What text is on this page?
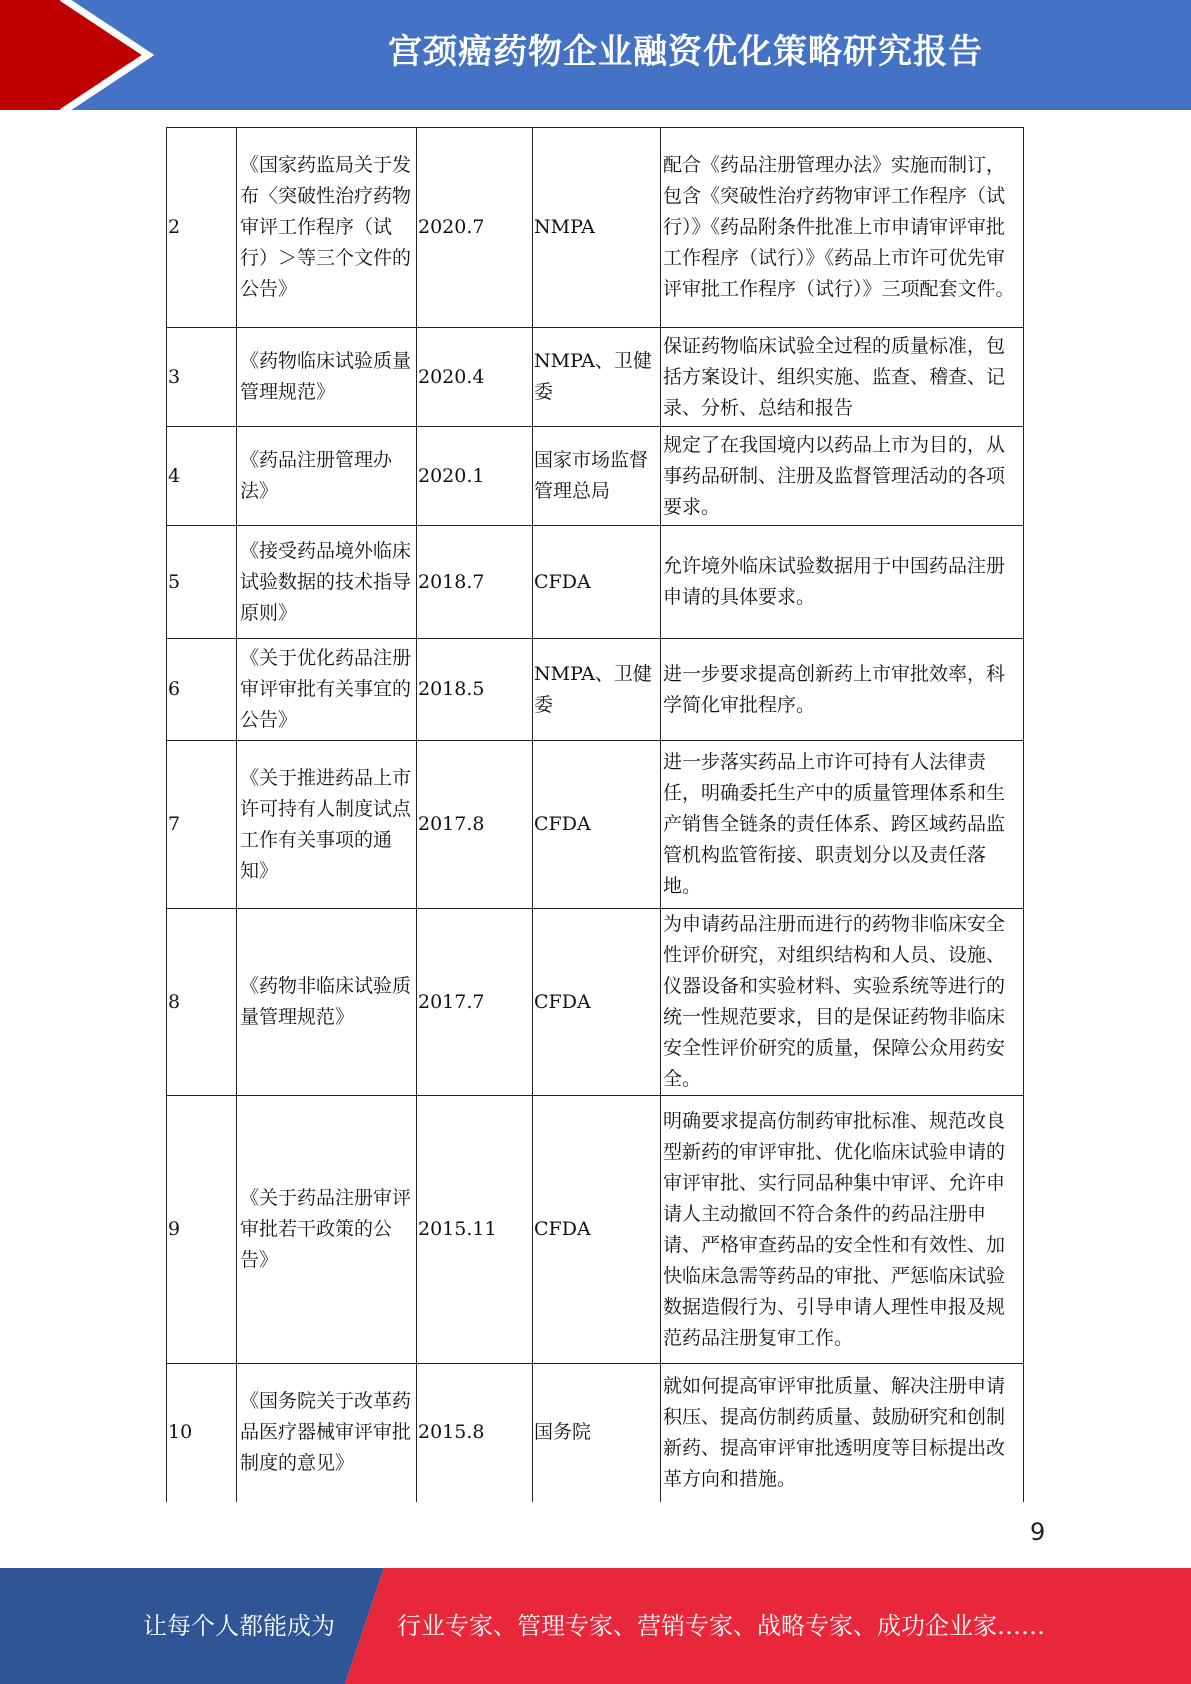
宫颈癌药物企业融资优化策略研究报告
2	《国家药监局关于发布〈突破性治疗药物审评工作程序（试行）＞等三个文件的公告》	2020.7	NMPA	配合《药品注册管理办法》实施而制订，包含《突破性治疗药物审评工作程序（试行）》《药品附条件批准上市申请审评审批工作程序（试行）》《药品上市许可优先审评审批工作程序（试行）》三项配套文件。
3	《药物临床试验质量管理规范》	2020.4	NMPA、卫健委	保证药物临床试验全过程的质量标准，包括方案设计、组织实施、监查、稽查、记录、分析、总结和报告
4	《药品注册管理办法》	2020.1	国家市场监督管理总局	规定了在我国境内以药品上市为目的，从事药品研制、注册及监督管理活动的各项要求。
5	《接受药品境外临床试验数据的技术指导原则》	2018.7	CFDA	允许境外临床试验数据用于中国药品注册申请的具体要求。
6	《关于优化药品注册审评审批有关事宜的公告》	2018.5	NMPA、卫健委	进一步要求提高创新药上市审批效率，科学简化审批程序。
7	《关于推进药品上市许可持有人制度试点工作有关事项的通知》	2017.8	CFDA	进一步落实药品上市许可持有人法律责任，明确委托生产中的质量管理体系和生产销售全链条的责任体系、跨区域药品监管机构监管衔接、职责划分以及责任落地。
8	《药物非临床试验质量管理规范》	2017.7	CFDA	为申请药品注册而进行的药物非临床安全性评价研究，对组织结构和人员、设施、仪器设备和实验材料、实验系统等进行的统一性规范要求，目的是保证药物非临床安全性评价研究的质量，保障公众用药安全。
9	《关于药品注册审评审批若干政策的公告》	2015.11	CFDA	明确要求提高仿制药审批标准、规范改良型新药的审评审批、优化临床试验申请的审评审批、实行同品种集中审评、允许申请人主动撤回不符合条件的药品注册申请、严格审查药品的安全性和有效性、加快临床急需等药品的审批、严惩临床试验数据造假行为、引导申请人理性申报及规范药品注册复审工作。
10	《国务院关于改革药品医疗器械审评审批制度的意见》	2015.8	国务院	就如何提高审评审批质量、解决注册申请积压、提高仿制药质量、鼓励研究和创制新药、提高审评审批透明度等目标提出改革方向和措施。
9
让每个人都能成为	行业专家、管理专家、营销专家、战略专家、成功企业家……
